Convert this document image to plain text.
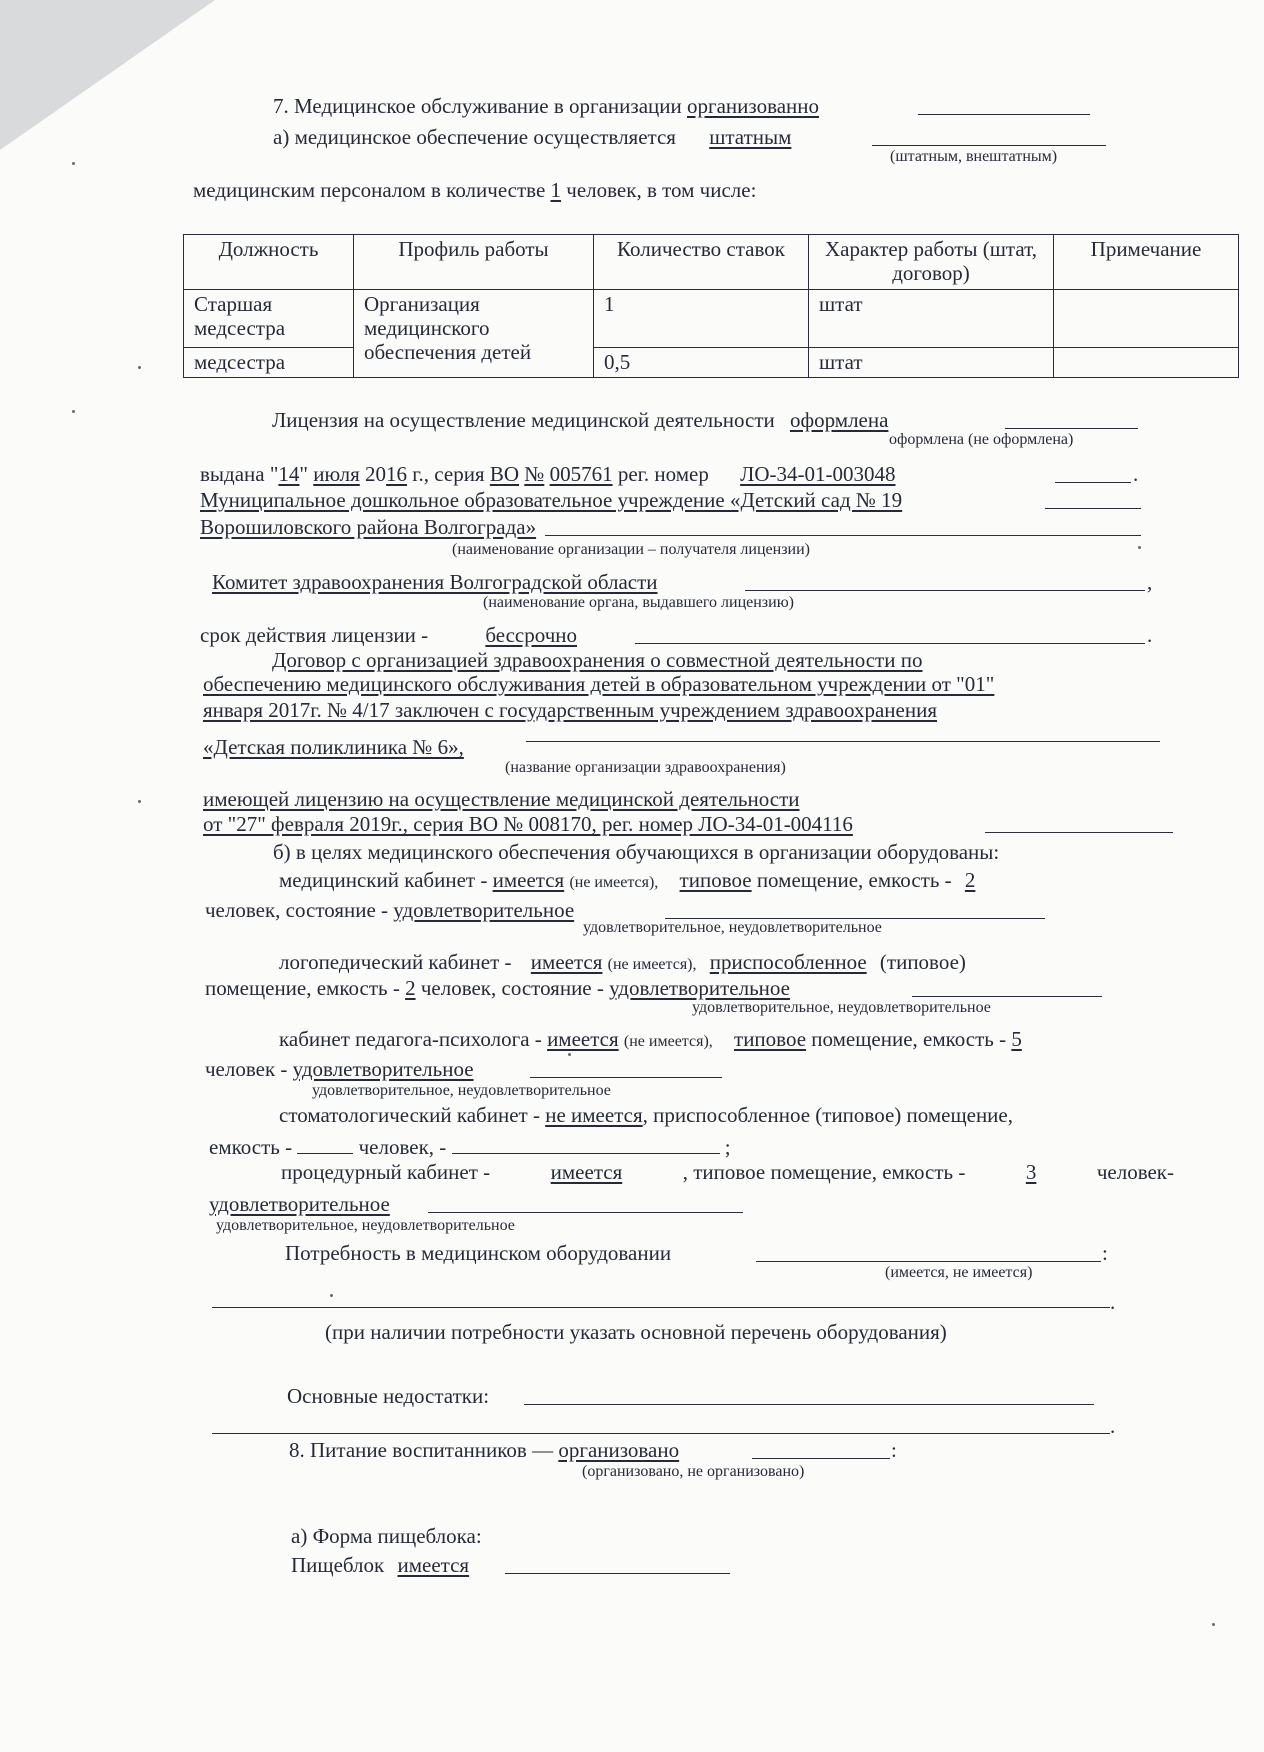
7. Медицинское обслуживание в организации организованно
а) медицинское обеспечение осуществляется штатным
(штатным, внештатным)
медицинским персоналом в количестве 1 человек, в том числе:
Должность	Профиль работы	Количество ставок	Характер работы (штат, договор)	Примечание
Старшая медсестра	Организация медицинского обеспечения детей	1	штат	
медсестра		0,5	штат	
Лицензия на осуществление медицинской деятельности оформлена
оформлена (не оформлена)
выдана "14" июля 2016 г., серия ВО № 005761 рег. номер ЛО-34-01-003048	.
Муниципальное дошкольное образовательное учреждение «Детский сад № 19
Ворошиловского района Волгограда»
(наименование организации – получателя лицензии)
Комитет здравоохранения Волгоградской области	,
(наименование органа, выдавшего лицензию)
срок действия лицензии -	бессрочно	.
Договор с организацией здравоохранения о совместной деятельности по
обеспечению медицинского обслуживания детей в образовательном учреждении от "01"
января 2017г. № 4/17 заключен с государственным учреждением здравоохранения
«Детская поликлиника № 6»,
(название организации здравоохранения)
имеющей лицензию на осуществление медицинской деятельности
от "27" февраля 2019г., серия ВО № 008170, рег. номер ЛО-34-01-004116
б) в целях медицинского обеспечения обучающихся в организации оборудованы:
медицинский кабинет - имеется (не имеется), типовое помещение, емкость - 2
человек, состояние - удовлетворительное
удовлетворительное, неудовлетворительное
логопедический кабинет - имеется (не имеется), приспособленное (типовое)
помещение, емкость - 2 человек, состояние - удовлетворительное
удовлетворительное, неудовлетворительное
кабинет педагога-психолога - имеется (не имеется), типовое помещение, емкость - 5
человек - удовлетворительное
удовлетворительное, неудовлетворительное
стоматологический кабинет - не имеется, приспособленное (типовое) помещение,
емкость -	человек, -	;
процедурный кабинет -	имеется	, типовое помещение, емкость -	3	человек-
удовлетворительное
удовлетворительное, неудовлетворительное
Потребность в медицинском оборудовании	:
(имеется, не имеется)
.
(при наличии потребности указать основной перечень оборудования)
Основные недостатки:
.
8. Питание воспитанников — организовано	:
(организовано, не организовано)
а) Форма пищеблока:
Пищеблок имеется
